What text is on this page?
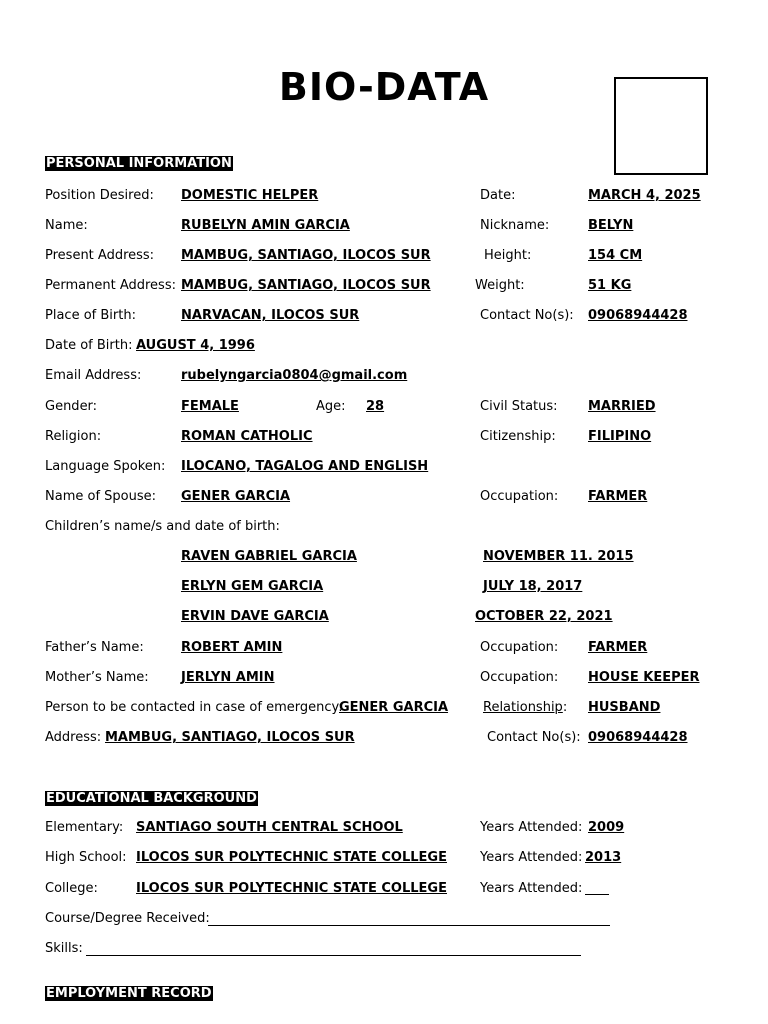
BIO-DATA
PERSONAL INFORMATION
Position Desired: DOMESTIC HELPER	Date:	MARCH 4, 2025
Name:	RUBELYN AMIN GARCIA	Nickname:	BELYN
Present Address: MAMBUG, SANTIAGO, ILOCOS SUR	Height:	154 CM
Permanent Address: MAMBUG, SANTIAGO, ILOCOS SUR	Weight:	51 KG
Place of Birth:	NARVACAN, ILOCOS SUR	Contact No(s): 09068944428
Date of Birth: AUGUST 4, 1996
Email Address:	rubelyngarcia0804@gmail.com
Gender:	FEMALE	Age: 28	Civil Status: MARRIED
Religion:	ROMAN CATHOLIC	Citizenship: FILIPINO
Language Spoken: ILOCANO, TAGALOG AND ENGLISH
Name of Spouse: GENER GARCIA	Occupation: FARMER
Children’s name/s and date of birth:
RAVEN GABRIEL GARCIA	NOVEMBER 11. 2015
ERLYN GEM GARCIA	JULY 18, 2017
ERVIN DAVE GARCIA	OCTOBER 22, 2021
Father’s Name:	ROBERT AMIN	Occupation: FARMER
Mother’s Name: JERLYN AMIN	Occupation: HOUSE KEEPER
Person to be contacted in case of emergency:
GENER GARCIA	Relationship: HUSBAND
Address: MAMBUG, SANTIAGO, ILOCOS SUR	Contact No(s): 09068944428
EDUCATIONAL BACKGROUND
Elementary: SANTIAGO SOUTH CENTRAL SCHOOL	Years Attended: 2009
High School: ILOCOS SUR POLYTECHNIC STATE COLLEGE	Years Attended: 2013
College:	ILOCOS SUR POLYTECHNIC STATE COLLEGE	Years Attended:
Course/Degree Received:
Skills:
EMPLOYMENT RECORD
